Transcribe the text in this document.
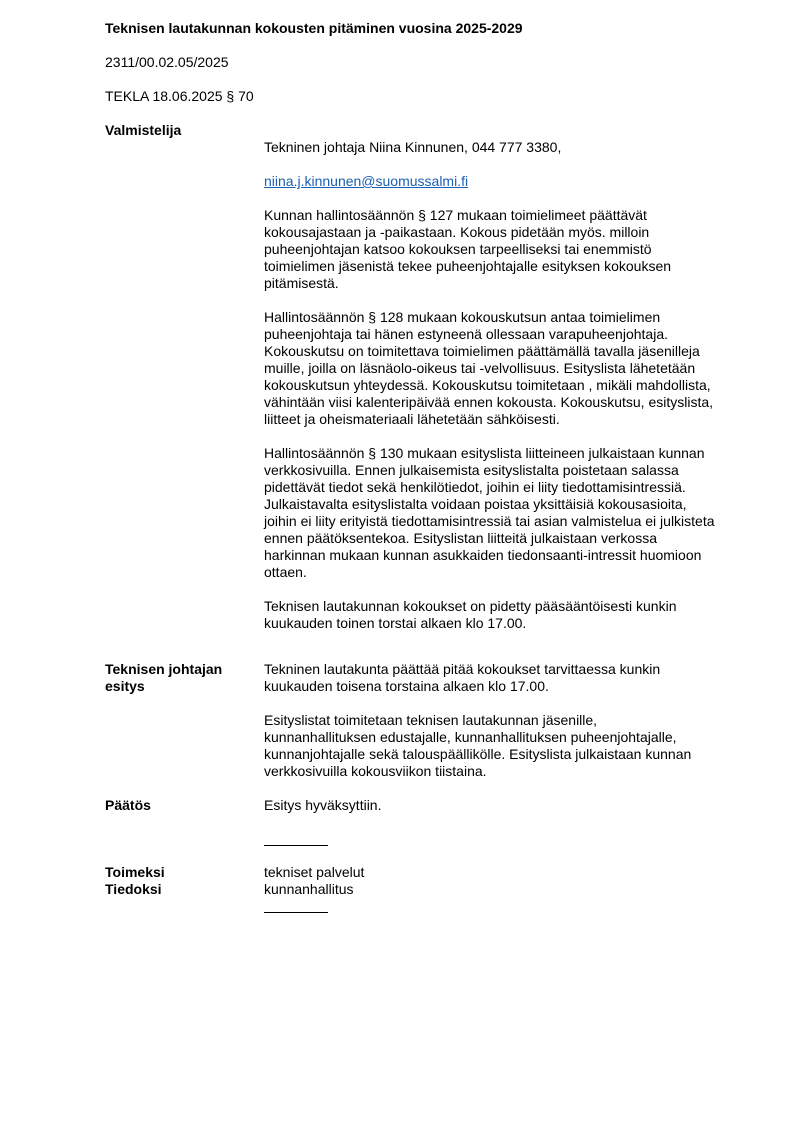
Teknisen lautakunnan kokousten pitäminen vuosina 2025-2029
2311/00.02.05/2025
TEKLA 18.06.2025 § 70
Valmistelija

Tekninen johtaja Niina Kinnunen, 044 777 3380,

niina.j.kinnunen@suomussalmi.fi

Kunnan hallintosäännön § 127 mukaan toimielimeet päättävät
kokousajastaan ja -paikastaan. Kokous pidetään myös. milloin
puheenjohtajan katsoo kokouksen tarpeelliseksi tai enemmistö
toimielimen jäsenistä tekee puheenjohtajalle esityksen kokouksen
pitämisestä.

Hallintosäännön § 128 mukaan kokouskutsun antaa toimielimen
puheenjohtaja tai hänen estyneenä ollessaan varapuheenjohtaja.
Kokouskutsu on toimitettava toimielimen päättämällä tavalla jäsenilleja
muille, joilla on läsnäolo-oikeus tai -velvollisuus. Esityslista lähetetään
kokouskutsun yhteydessä. Kokouskutsu toimitetaan , mikäli mahdollista,
vähintään viisi kalenteripäivää ennen kokousta. Kokouskutsu, esityslista,
liitteet ja oheismateriaali lähetetään sähköisesti.

Hallintosäännön § 130 mukaan esityslista liitteineen julkaistaan kunnan
verkkosivuilla. Ennen julkaisemista esityslistalta poistetaan salassa
pidettävät tiedot sekä henkilötiedot, joihin ei liity tiedottamisintressiä.
Julkaistavalta esityslistalta voidaan poistaa yksittäisiä kokousasioita,
joihin ei liity erityistä tiedottamisintressiä tai asian valmistelua ei julkisteta
ennen päätöksentekoa. Esityslistan liitteitä julkaistaan verkossa
harkinnan mukaan kunnan asukkaiden tiedonsaanti-intressit huomioon
ottaen.

Teknisen lautakunnan kokoukset on pidetty pääsääntöisesti kunkin
kuukauden toinen torstai alkaen klo 17.00.

Teknisen johtajan
esitys

Tekninen lautakunta päättää pitää kokoukset tarvittaessa kunkin
kuukauden toisena torstaina alkaen klo 17.00.

Esityslistat toimitetaan teknisen lautakunnan jäsenille,
kunnanhallituksen edustajalle, kunnanhallituksen puheenjohtajalle,
kunnanjohtajalle sekä talouspäällikölle. Esityslista julkaistaan kunnan
verkkosivuilla kokousviikon tiistaina.

Päätös	Esitys hyväksyttiin.
Toimeksi
Tiedoksi
tekniset palvelut
kunnanhallitus
